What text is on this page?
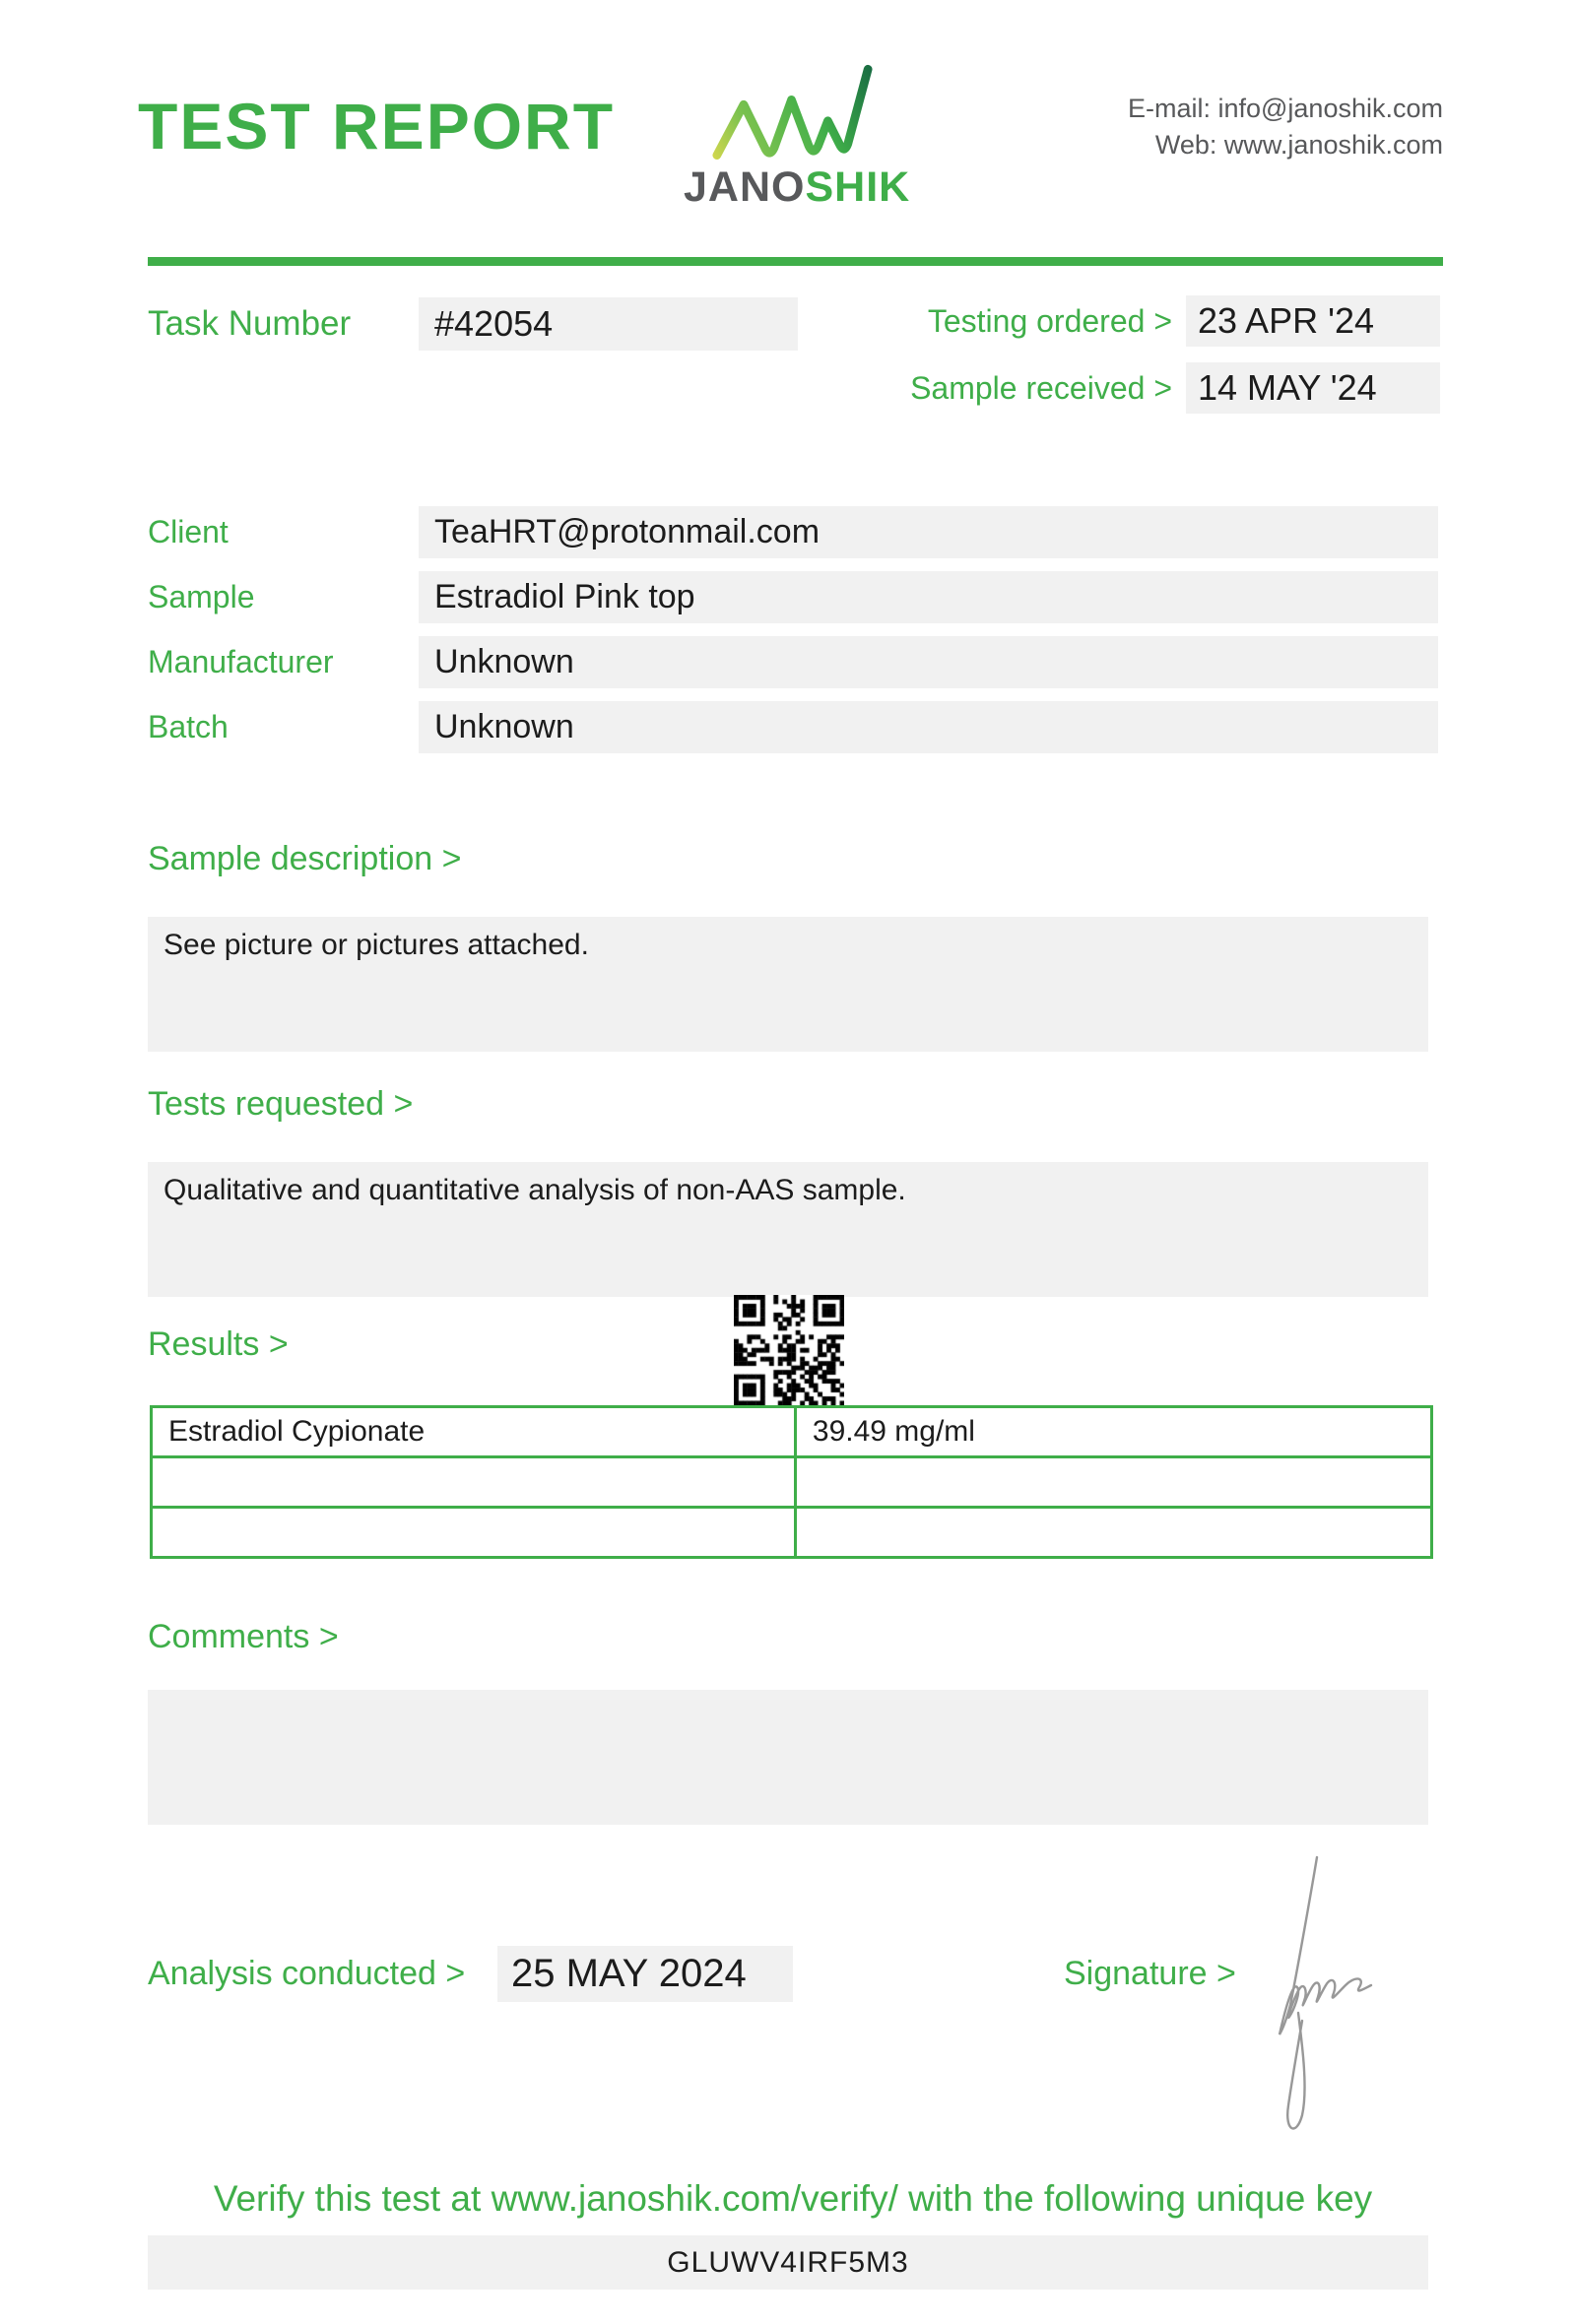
TEST REPORT
JANOSHIK
E-mail: info@janoshik.com
Web: www.janoshik.com
Task Number	#42054	Testing ordered > 23 APR '24
Sample received > 14 MAY '24
Client	TeaHRT@protonmail.com
Sample	Estradiol Pink top
Manufacturer	Unknown
Batch	Unknown
Sample description >
See picture or pictures attached.
Tests requested >
Qualitative and quantitative analysis of non-AAS sample.
Results >
Estradiol Cypionate	39.49 mg/ml

Comments >
Analysis conducted >	25 MAY 2024	Signature >
Verify this test at www.janoshik.com/verify/ with the following unique key
GLUWV4IRF5M3
